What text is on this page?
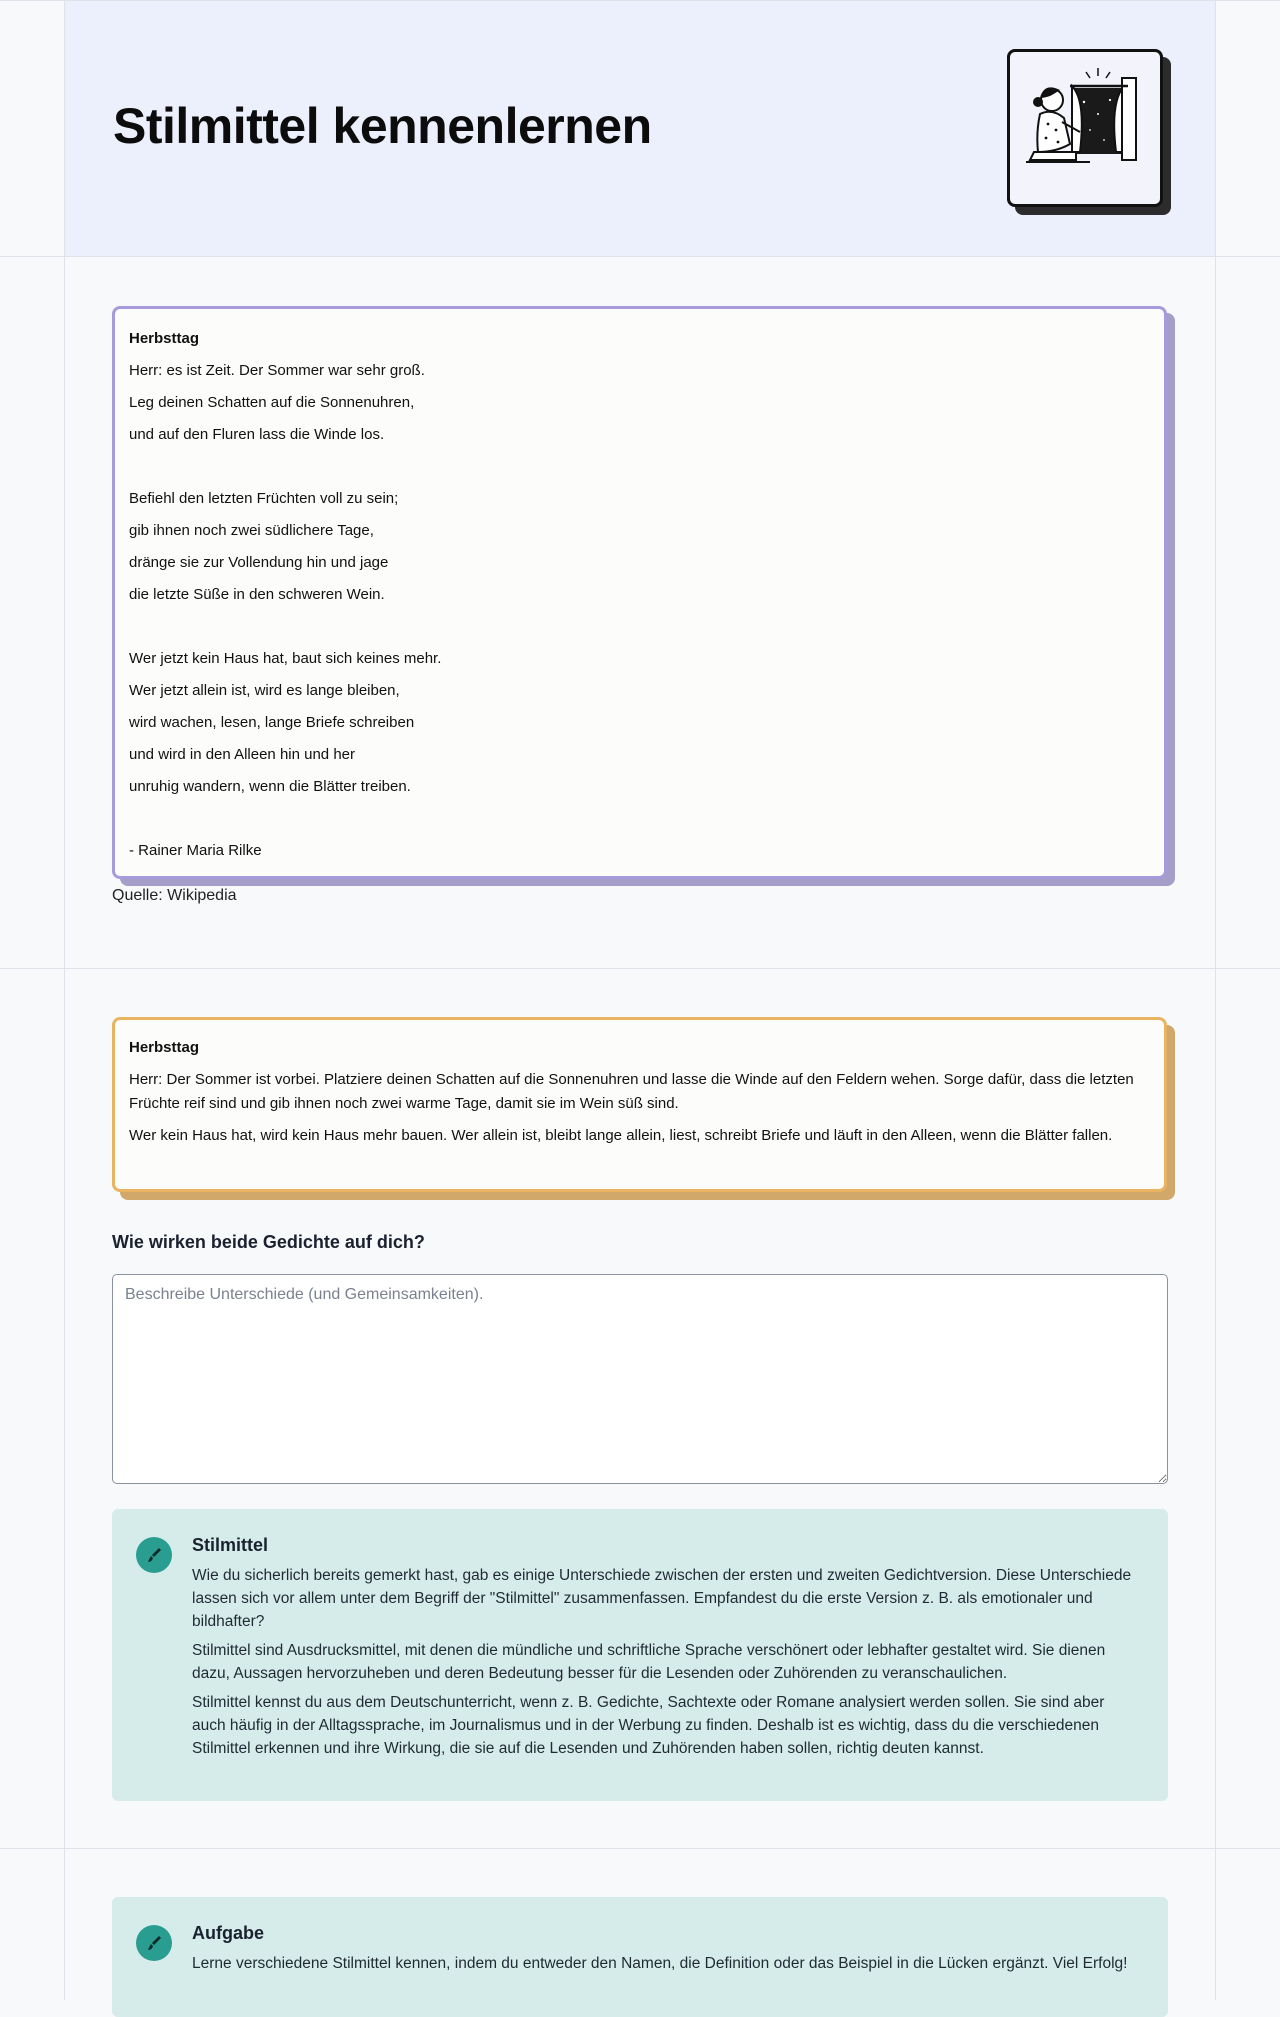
Stilmittel kennenlernen
Herbsttag
Herr: es ist Zeit. Der Sommer war sehr groß.
Leg deinen Schatten auf die Sonnenuhren,
und auf den Fluren lass die Winde los.
Befiehl den letzten Früchten voll zu sein;
gib ihnen noch zwei südlichere Tage,
dränge sie zur Vollendung hin und jage
die letzte Süße in den schweren Wein.
Wer jetzt kein Haus hat, baut sich keines mehr.
Wer jetzt allein ist, wird es lange bleiben,
wird wachen, lesen, lange Briefe schreiben
und wird in den Alleen hin und her
unruhig wandern, wenn die Blätter treiben.
- Rainer Maria Rilke
Quelle: Wikipedia
Herbsttag

Herr: Der Sommer ist vorbei. Platziere deinen Schatten auf die Sonnenuhren und lasse die Winde auf den Feldern wehen. Sorge dafür, dass die letzten Früchte reif sind und gib ihnen noch zwei warme Tage, damit sie im Wein süß sind.

Wer kein Haus hat, wird kein Haus mehr bauen. Wer allein ist, bleibt lange allein, liest, schreibt Briefe und läuft in den Alleen, wenn die Blätter fallen.

Wie wirken beide Gedichte auf dich?
Beschreibe Unterschiede (und Gemeinsamkeiten).
Stilmittel

Wie du sicherlich bereits gemerkt hast, gab es einige Unterschiede zwischen der ersten und zweiten Gedichtversion. Diese Unterschiede lassen sich vor allem unter dem Begriff der "Stilmittel" zusammenfassen. Empfandest du die erste Version z. B. als emotionaler und bildhafter?

Stilmittel sind Ausdrucksmittel, mit denen die mündliche und schriftliche Sprache verschönert oder lebhafter gestaltet wird. Sie dienen dazu, Aussagen hervorzuheben und deren Bedeutung besser für die Lesenden oder Zuhörenden zu veranschaulichen.

Stilmittel kennst du aus dem Deutschunterricht, wenn z. B. Gedichte, Sachtexte oder Romane analysiert werden sollen. Sie sind aber auch häufig in der Alltagssprache, im Journalismus und in der Werbung zu finden. Deshalb ist es wichtig, dass du die verschiedenen Stilmittel erkennen und ihre Wirkung, die sie auf die Lesenden und Zuhörenden haben sollen, richtig deuten kannst.

Aufgabe

Lerne verschiedene Stilmittel kennen, indem du entweder den Namen, die Definition oder das Beispiel in die Lücken ergänzt. Viel Erfolg!
